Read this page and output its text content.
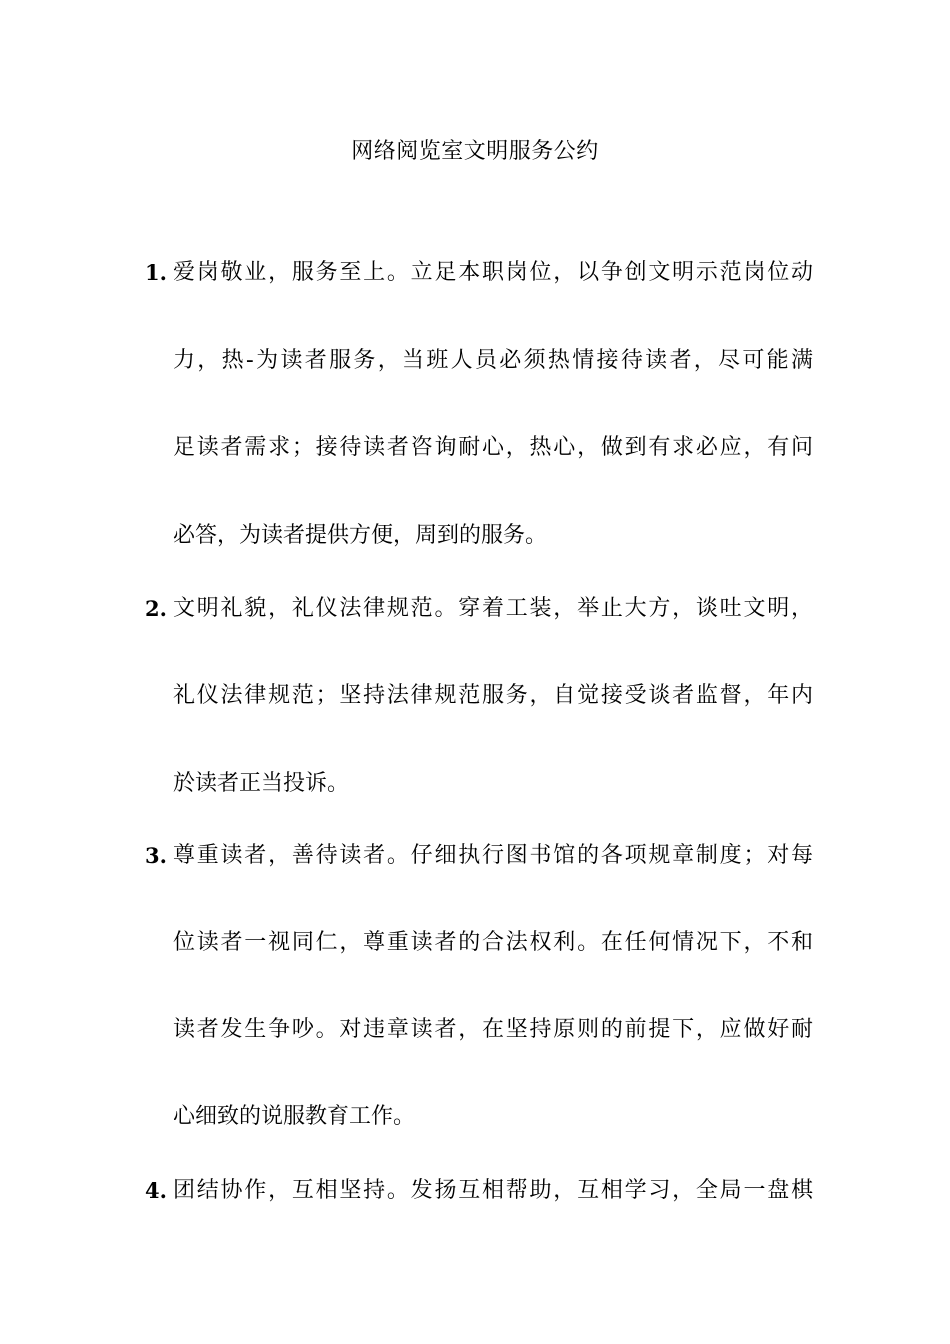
网络阅览室文明服务公约
1. 爱岗敬业，服务至上。立足本职岗位，以争创文明示范岗位动
力，热-为读者服务，当班人员必须热情接待读者，尽可能满
足读者需求；接待读者咨询耐心，热心，做到有求必应，有问
必答，为读者提供方便，周到的服务。
2. 文明礼貌，礼仪法律规范。穿着工装，举止大方，谈吐文明，
礼仪法律规范；坚持法律规范服务，自觉接受谈者监督，年内
於读者正当投诉。
3. 尊重读者，善待读者。仔细执行图书馆的各项规章制度；对每
位读者一视同仁，尊重读者的合法权利。在任何情况下，不和
读者发生争吵。对违章读者，在坚持原则的前提下，应做好耐
心细致的说服教育工作。
4. 团结协作，互相坚持。发扬互相帮助，互相学习，全局一盘棋
